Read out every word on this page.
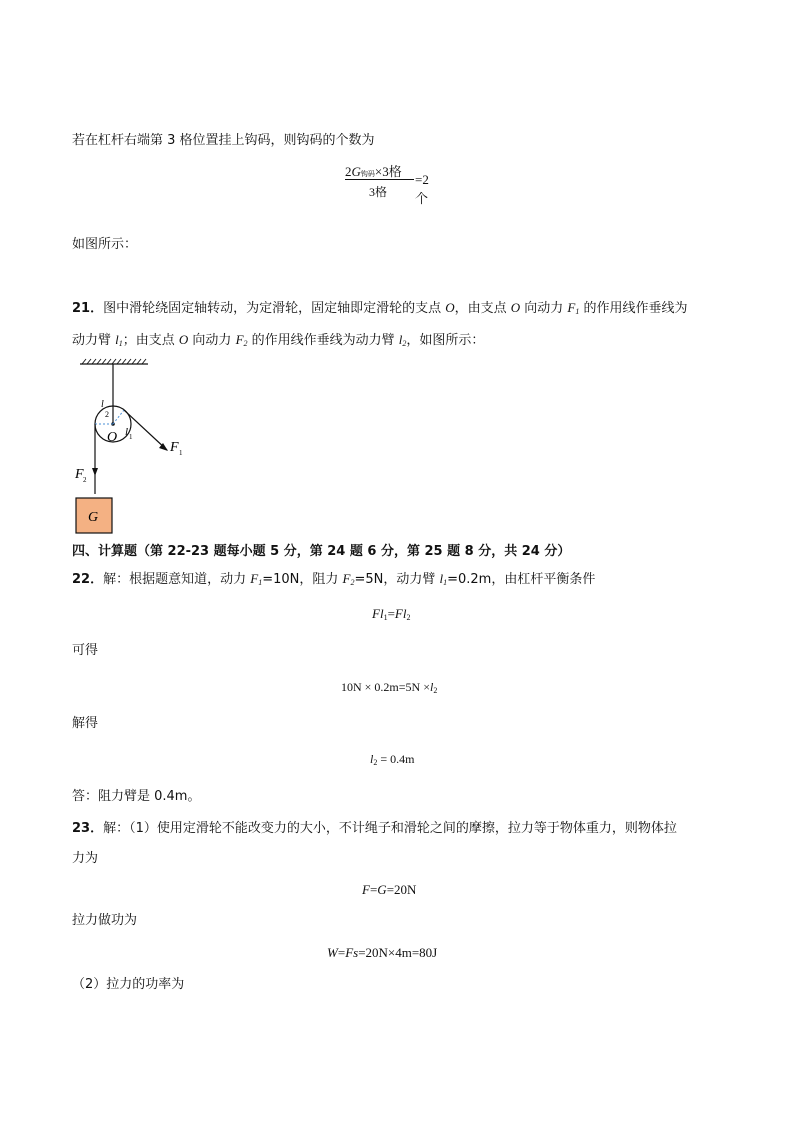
若在杠杆右端第 3 格位置挂上钩码，则钩码的个数为
2G钩码×3格
3格
=2个
如图所示：
21．图中滑轮绕固定轴转动，为定滑轮，固定轴即定滑轮的支点 O，由支点 O 向动力 $F_1$ 的作用线作垂线为
动力臂 $l_1$；由支点 O 向动力 $F_2$ 的作用线作垂线为动力臂 $l_2$，如图所示：
l
2
O l 1
F 1
F 2
G
四、计算题（第 22-23 题每小题 5 分，第 24 题 6 分，第 25 题 8 分，共 24 分）
22．解：根据题意知道，动力 $F_1=10N$，阻力 $F_2=5N$，动力臂 $l_1=0.2m$，由杠杆平衡条件
$Fl_1=Fl_2$
可得
$10N \times 0.2m=5N \times l_2$
解得
$l_2 = 0.4m$
答：阻力臂是 0.4m。
23．解：（1）使用定滑轮不能改变力的大小，不计绳子和滑轮之间的摩擦，拉力等于物体重力，则物体拉
力为
F=G=20N
拉力做功为
W=Fs=20N×4m=80J
（2）拉力的功率为
